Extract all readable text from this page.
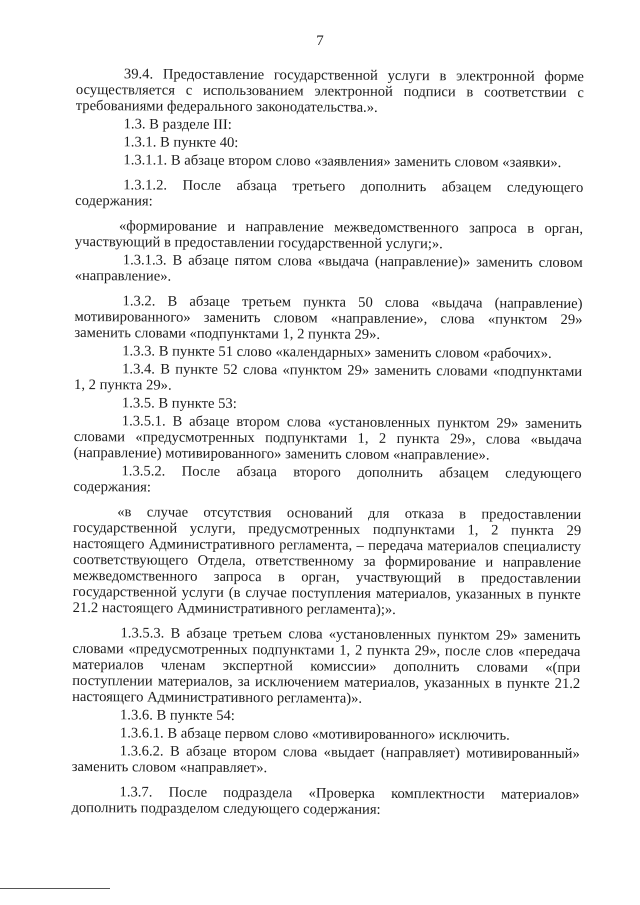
7

39.4. Предоставление государственной услуги в электронной форме осуществляется с использованием электронной подписи в соответствии с требованиями федерального законодательства.».

1.3. В разделе III:

1.3.1. В пункте 40:

1.3.1.1. В абзаце втором слово «заявления» заменить словом «заявки».

1.3.1.2. После абзаца третьего дополнить абзацем следующего содержания:

«формирование и направление межведомственного запроса в орган, участвующий в предоставлении государственной услуги;».

1.3.1.3. В абзаце пятом слова «выдача (направление)» заменить словом «направление».

1.3.2. В абзаце третьем пункта 50 слова «выдача (направление) мотивированного» заменить словом «направление», слова «пунктом 29» заменить словами «подпунктами 1, 2 пункта 29».

1.3.3. В пункте 51 слово «календарных» заменить словом «рабочих».

1.3.4. В пункте 52 слова «пунктом 29» заменить словами «подпунктами 1, 2 пункта 29».

1.3.5. В пункте 53:

1.3.5.1. В абзаце втором слова «установленных пунктом 29» заменить словами «предусмотренных подпунктами 1, 2 пункта 29», слова «выдача (направление) мотивированного» заменить словом «направление».

1.3.5.2. После абзаца второго дополнить абзацем следующего содержания:

«в случае отсутствия оснований для отказа в предоставлении государственной услуги, предусмотренных подпунктами 1, 2 пункта 29 настоящего Административного регламента, – передача материалов специалисту соответствующего Отдела, ответственному за формирование и направление межведомственного запроса в орган, участвующий в предоставлении государственной услуги (в случае поступления материалов, указанных в пункте 21.2 настоящего Административного регламента);».

1.3.5.3. В абзаце третьем слова «установленных пунктом 29» заменить словами «предусмотренных подпунктами 1, 2 пункта 29», после слов «передача материалов членам экспертной комиссии» дополнить словами «(при поступлении материалов, за исключением материалов, указанных в пункте 21.2 настоящего Административного регламента)».

1.3.6. В пункте 54:

1.3.6.1. В абзаце первом слово «мотивированного» исключить.

1.3.6.2. В абзаце втором слова «выдает (направляет) мотивированный» заменить словом «направляет».

1.3.7. После подраздела «Проверка комплектности материалов» дополнить подразделом следующего содержания:
